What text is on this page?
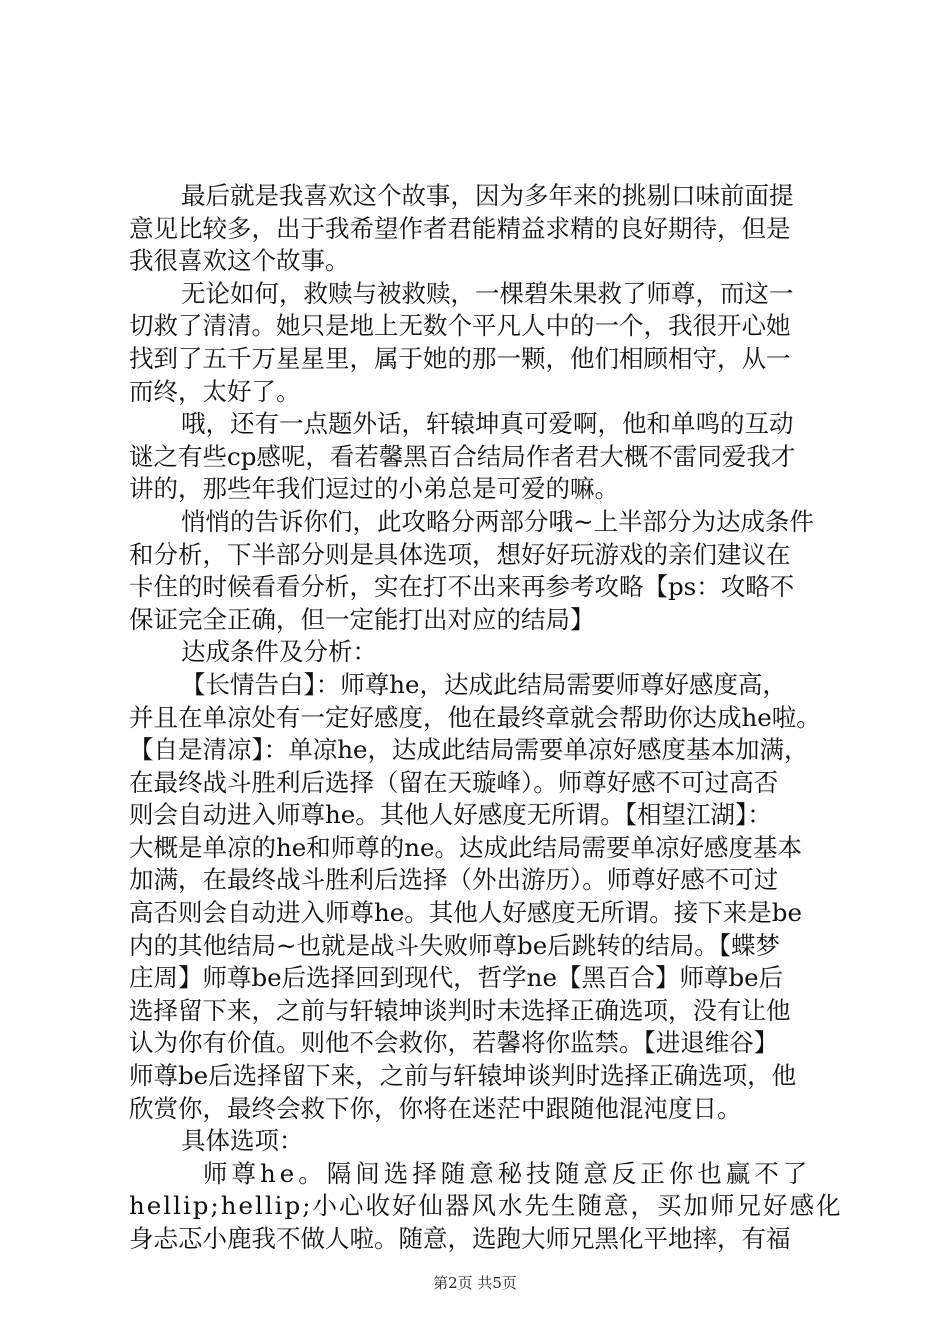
最后就是我喜欢这个故事，因为多年来的挑剔口味前面提
意见比较多，出于我希望作者君能精益求精的良好期待，但是
我很喜欢这个故事。
无论如何，救赎与被救赎，一棵碧朱果救了师尊，而这一
切救了清清。她只是地上无数个平凡人中的一个，我很开心她
找到了五千万星星里，属于她的那一颗，他们相顾相守，从一
而终，太好了。
哦，还有一点题外话，轩辕坤真可爱啊，他和单鸣的互动
谜之有些cp感呢，看若馨黑百合结局作者君大概不雷同爱我才
讲的，那些年我们逗过的小弟总是可爱的嘛。
悄悄的告诉你们，此攻略分两部分哦~上半部分为达成条件
和分析，下半部分则是具体选项，想好好玩游戏的亲们建议在
卡住的时候看看分析，实在打不出来再参考攻略【ps：攻略不
保证完全正确，但一定能打出对应的结局】
达成条件及分析：
【长情告白】：师尊he，达成此结局需要师尊好感度高，
并且在单凉处有一定好感度，他在最终章就会帮助你达成he啦。
【自是清凉】：单凉he，达成此结局需要单凉好感度基本加满，
在最终战斗胜利后选择（留在天璇峰）。师尊好感不可过高否
则会自动进入师尊he。其他人好感度无所谓。【相望江湖】：
大概是单凉的he和师尊的ne。达成此结局需要单凉好感度基本
加满，在最终战斗胜利后选择（外出游历）。师尊好感不可过
高否则会自动进入师尊he。其他人好感度无所谓。接下来是be
内的其他结局~也就是战斗失败师尊be后跳转的结局。【蝶梦
庄周】师尊be后选择回到现代，哲学ne【黑百合】师尊be后
选择留下来，之前与轩辕坤谈判时未选择正确选项，没有让他
认为你有价值。则他不会救你，若馨将你监禁。【进退维谷】
师尊be后选择留下来，之前与轩辕坤谈判时选择正确选项，他
欣赏你，最终会救下你，你将在迷茫中跟随他混沌度日。
具体选项：
师尊he。隔间选择随意秘技随意反正你也赢不了
hellip;hellip;小心收好仙器风水先生随意，买加师兄好感化
身忐忑小鹿我不做人啦。随意，选跑大师兄黑化平地摔，有福
第2页 共5页
